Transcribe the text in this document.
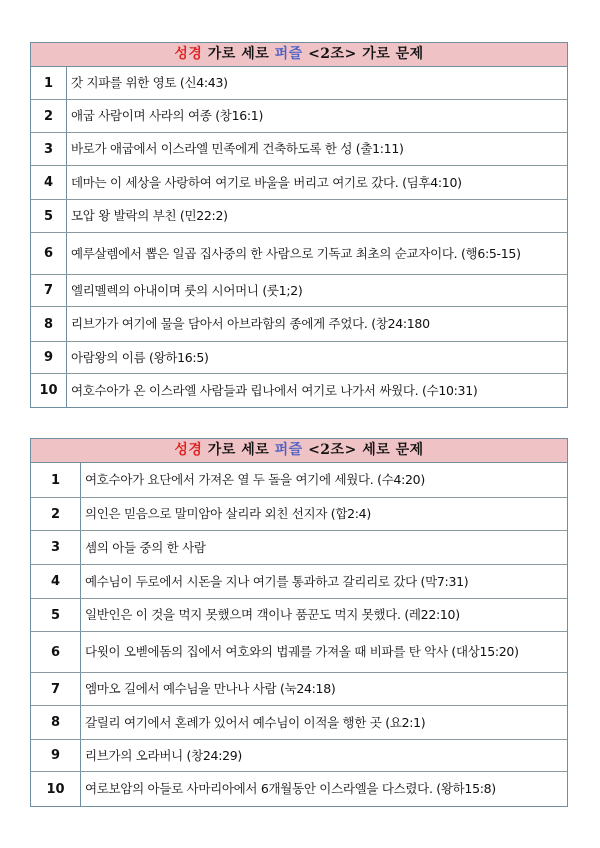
성경 가로 세로 퍼즐 <2조> 가로 문제
1	갓 지파를 위한 영토 (신4:43)
2	애굽 사람이며 사라의 여종 (창16:1)
3	바로가 애굽에서 이스라엘 민족에게 건축하도록 한 성 (출1:11)
4	데마는 이 세상을 사랑하여 여기로 바울을 버리고 여기로 갔다. (딤후4:10)
5	모압 왕 발락의 부친 (민22:2)
6	예루살렘에서 뽑은 일곱 집사중의 한 사람으로 기독교 최초의 순교자이다. (행6:5-15)
7	엘리멜렉의 아내이며 룻의 시어머니 (룻1;2)
8	리브가가 여기에 물을 담아서 아브라함의 종에게 주었다. (창24:180
9	아람왕의 이름 (왕하16:5)
10	여호수아가 온 이스라엘 사람들과 립나에서 여기로 나가서 싸웠다. (수10:31)
성경 가로 세로 퍼즐 <2조> 세로 문제
1	여호수아가 요단에서 가져온 열 두 돌을 여기에 세웠다. (수4:20)
2	의인은 믿음으로 말미암아 살리라 외친 선지자 (합2:4)
3	셈의 아들 중의 한 사람
4	예수님이 두로에서 시돈을 지나 여기를 통과하고 갈리리로 갔다 (막7:31)
5	일반인은 이 것을 먹지 못했으며 객이나 품꾼도 먹지 못했다. (레22:10)
6	다윗이 오벧에돔의 집에서 여호와의 법궤를 가져올 때 비파를 탄 악사 (대상15:20)
7	엠마오 길에서 예수님을 만나나 사람 (눅24:18)
8	갈릴리 여기에서 혼례가 있어서 예수님이 이적을 행한 곳 (요2:1)
9	리브가의 오라버니 (창24:29)
10	여로보암의 아들로 사마리아에서 6개월동안 이스라엘을 다스렸다. (왕하15:8)
